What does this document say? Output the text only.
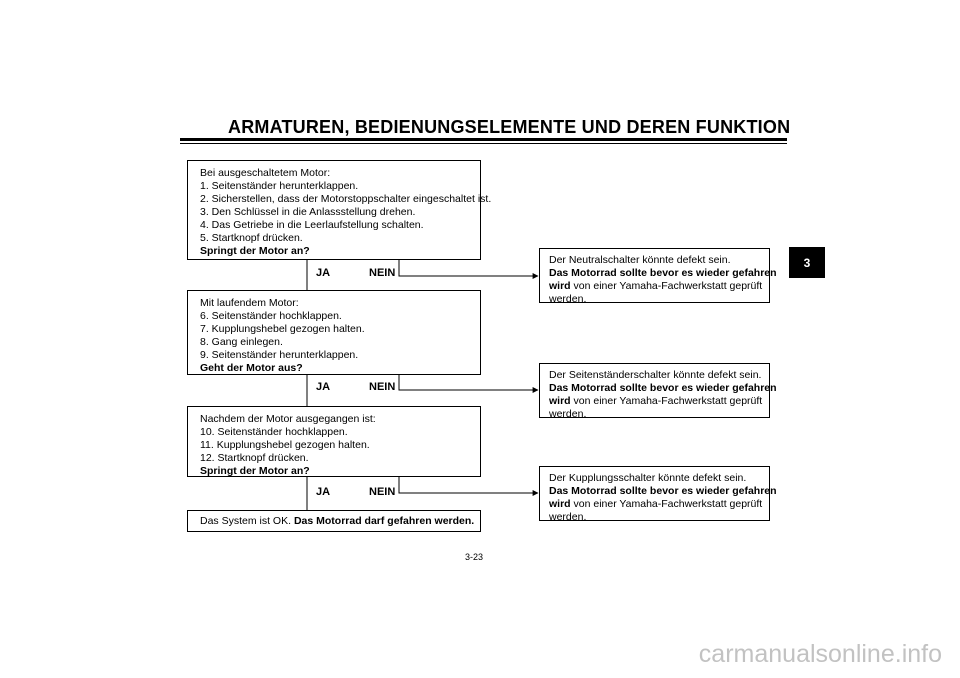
ARMATUREN, BEDIENUNGSELEMENTE UND DEREN FUNKTION
3
Bei ausgeschaltetem Motor:
1. Seitenständer herunterklappen.
2. Sicherstellen, dass der Motorstoppschalter eingeschaltet ist.
3. Den Schlüssel in die Anlassstellung drehen.
4. Das Getriebe in die Leerlaufstellung schalten.
5. Startknopf drücken.
Springt der Motor an?
JA	NEIN
Mit laufendem Motor:
6. Seitenständer hochklappen.
7. Kupplungshebel gezogen halten.
8. Gang einlegen.
9. Seitenständer herunterklappen.
Geht der Motor aus?
JA	NEIN
Nachdem der Motor ausgegangen ist:
10. Seitenständer hochklappen.
11. Kupplungshebel gezogen halten.
12. Startknopf drücken.
Springt der Motor an?
JA	NEIN
Das System ist OK. Das Motorrad darf gefahren werden.
Der Neutralschalter könnte defekt sein.
Das Motorrad sollte bevor es wieder gefahren
wird von einer Yamaha-Fachwerkstatt geprüft
werden.
Der Seitenständerschalter könnte defekt sein.
Das Motorrad sollte bevor es wieder gefahren
wird von einer Yamaha-Fachwerkstatt geprüft
werden.
Der Kupplungsschalter könnte defekt sein.
Das Motorrad sollte bevor es wieder gefahren
wird von einer Yamaha-Fachwerkstatt geprüft
werden.
3-23
carmanualsonline.info
